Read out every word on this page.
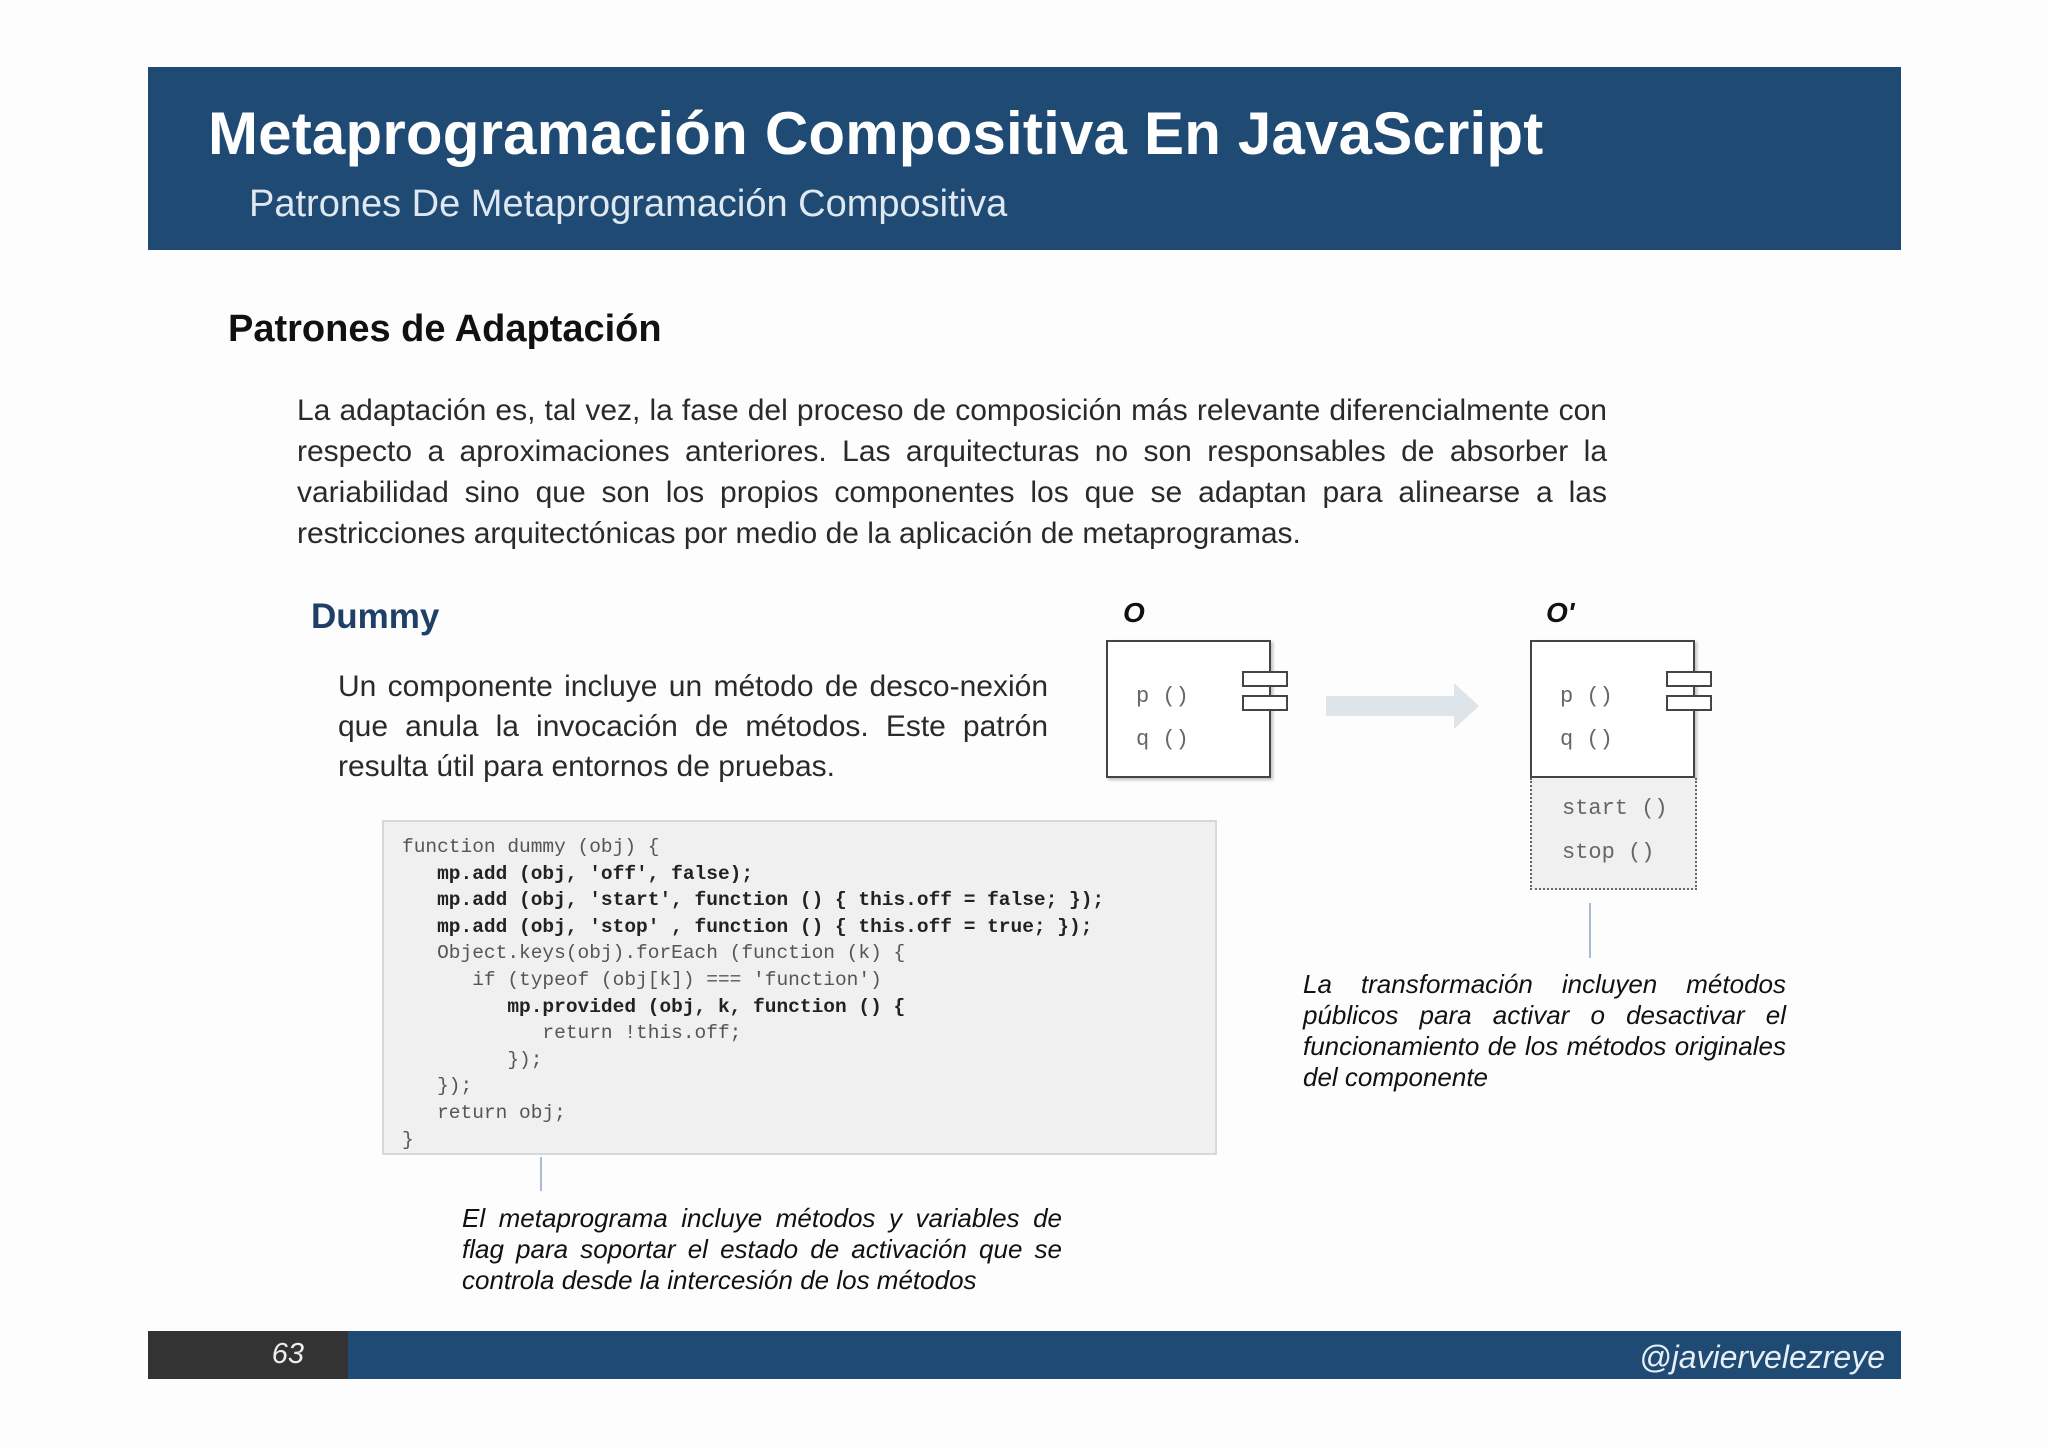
Metaprogramación Compositiva En JavaScript
Patrones De Metaprogramación Compositiva
Patrones de Adaptación
La adaptación es, tal vez, la fase del proceso de composición más relevante diferencialmente con respecto a aproximaciones anteriores. Las arquitecturas no son responsables de absorber la variabilidad sino que son los propios componentes los que se adaptan para alinearse a las restricciones arquitectónicas por medio de la aplicación de metaprogramas.
Dummy
Un componente incluye un método de desco-nexión que anula la invocación de métodos. Este patrón resulta útil para entornos de pruebas.
function dummy (obj) {
mp.add (obj, 'off', false);
mp.add (obj, 'start', function () { this.off = false; });
mp.add (obj, 'stop' , function () { this.off = true; });
Object.keys(obj).forEach (function (k) {
if (typeof (obj[k]) === 'function')
mp.provided (obj, k, function () {
return !this.off;
});
});
return obj;
}
El metaprograma incluye métodos y variables de flag para soportar el estado de activación que se controla desde la intercesión de los métodos
O
p ()
q ()
O'
p ()
q ()
start ()
stop ()
La transformación incluyen métodos públicos para activar o desactivar el funcionamiento de los métodos originales del componente
63	@javiervelezreye
